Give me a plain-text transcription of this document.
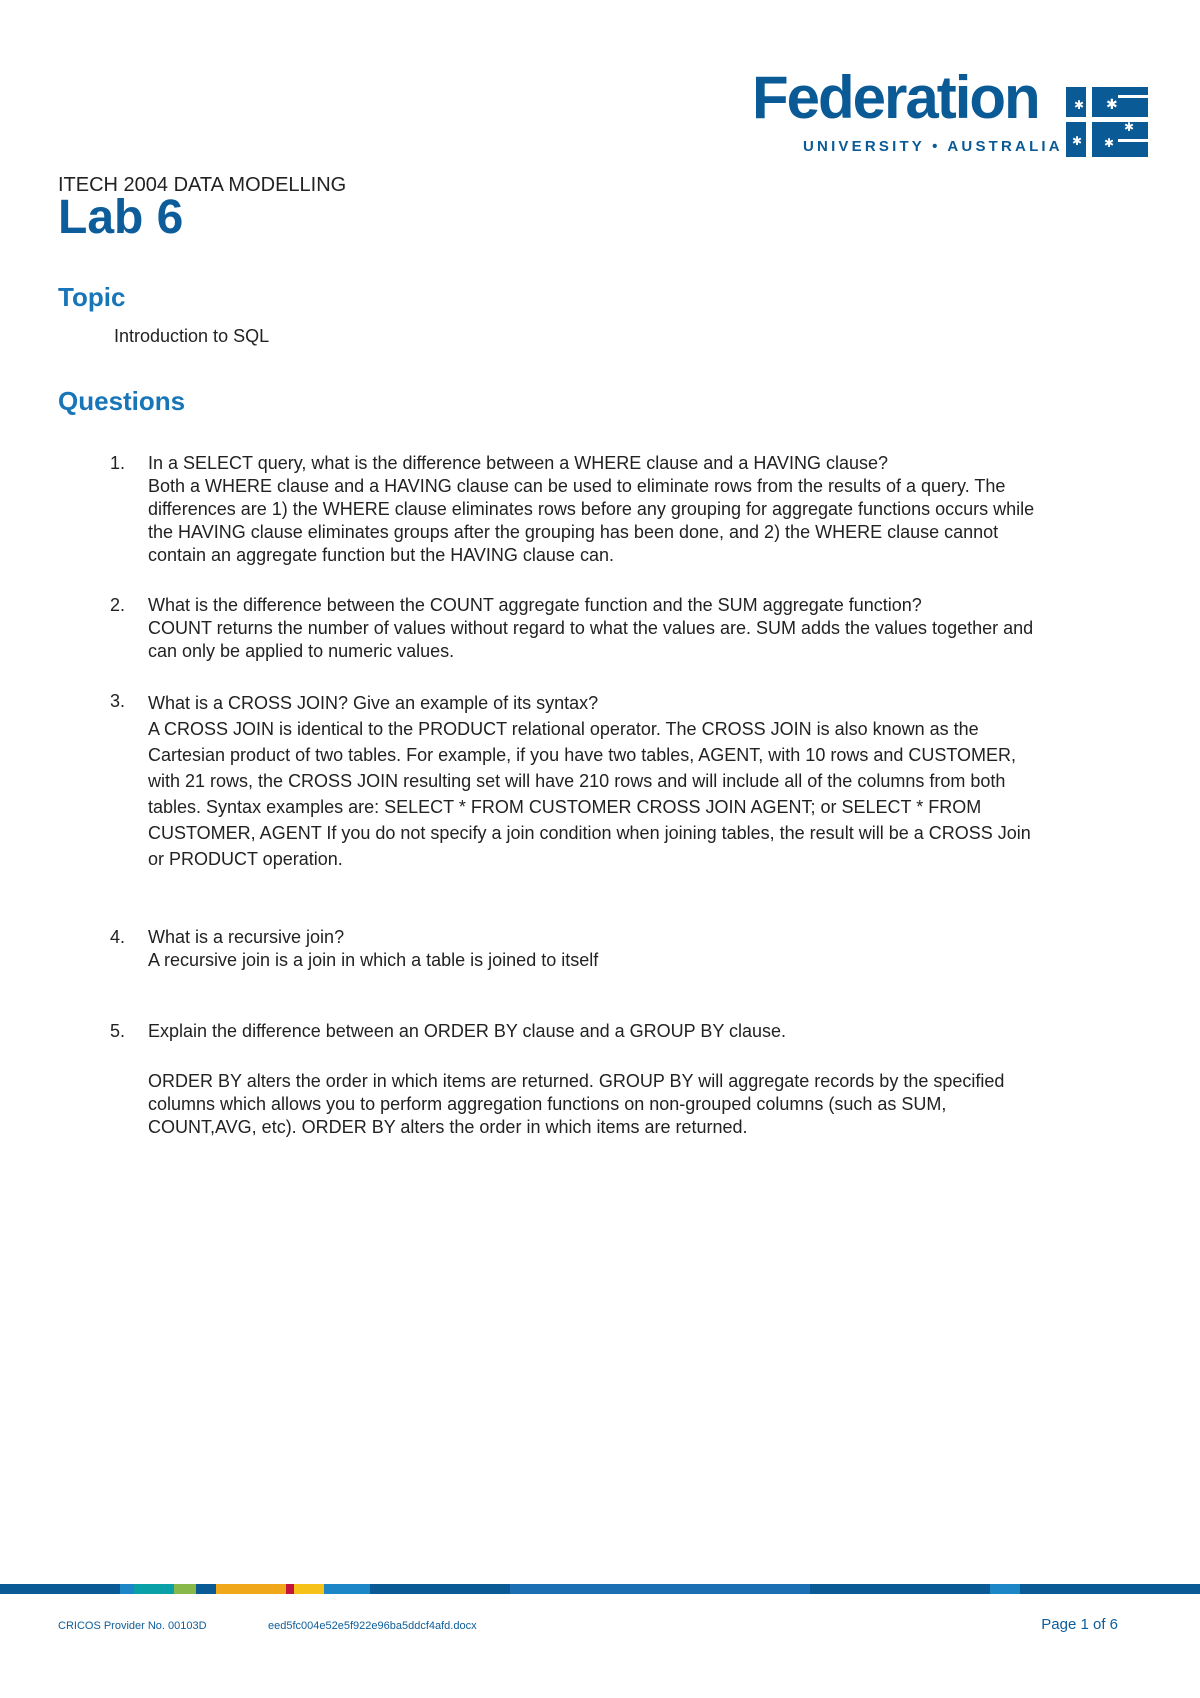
Federation
UNIVERSITY • AUSTRALIA
✱
✱
✱
✱
✱
ITECH 2004 DATA MODELLING
Lab 6
Topic
Introduction to SQL
Questions
1. In a SELECT query, what is the difference between a WHERE clause and a HAVING clause?
Both a WHERE clause and a HAVING clause can be used to eliminate rows from the results of a query. The differences are 1) the WHERE clause eliminates rows before any grouping for aggregate functions occurs while the HAVING clause eliminates groups after the grouping has been done, and 2) the WHERE clause cannot contain an aggregate function but the HAVING clause can.
2. What is the difference between the COUNT aggregate function and the SUM aggregate function?
COUNT returns the number of values without regard to what the values are. SUM adds the values together and can only be applied to numeric values.
3. What is a CROSS JOIN? Give an example of its syntax?
A CROSS JOIN is identical to the PRODUCT relational operator. The CROSS JOIN is also known as the Cartesian product of two tables. For example, if you have two tables, AGENT, with 10 rows and CUSTOMER, with 21 rows, the CROSS JOIN resulting set will have 210 rows and will include all of the columns from both tables. Syntax examples are: SELECT * FROM CUSTOMER CROSS JOIN AGENT; or SELECT * FROM CUSTOMER, AGENT If you do not specify a join condition when joining tables, the result will be a CROSS Join or PRODUCT operation.
4. What is a recursive join?
A recursive join is a join in which a table is joined to itself
5. Explain the difference between an ORDER BY clause and a GROUP BY clause.
ORDER BY alters the order in which items are returned. GROUP BY will aggregate records by the specified columns which allows you to perform aggregation functions on non-grouped columns (such as SUM, COUNT,AVG, etc). ORDER BY alters the order in which items are returned.
CRICOS Provider No. 00103D	eed5fc004e52e5f922e96ba5ddcf4afd.docx	Page 1 of 6
